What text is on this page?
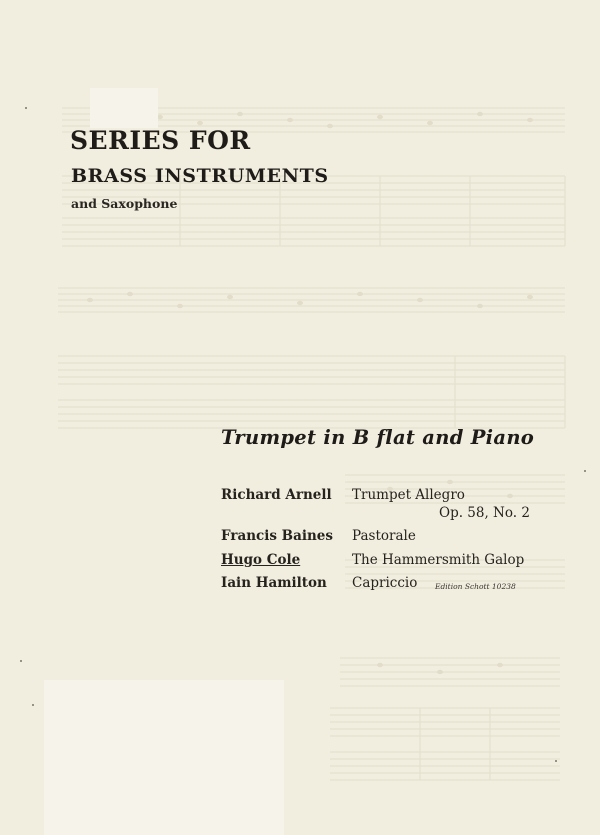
SERIES FOR
BRASS INSTRUMENTS
and Saxophone
Trumpet in B flat and Piano
Richard Arnell Trumpet Allegro
Op. 58, No. 2
Francis Baines Pastorale
Hugo Cole	The Hammersmith Galop
Edition Schott 10238
Iain Hamilton Capriccio
